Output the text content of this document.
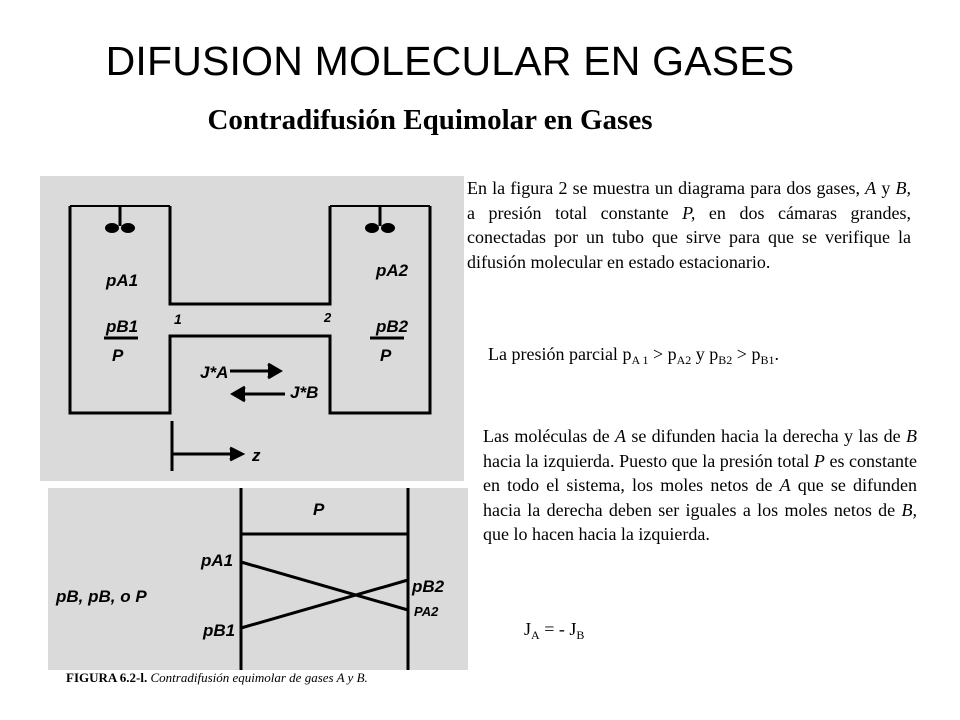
DIFUSION MOLECULAR EN GASES
Contradifusión Equimolar en Gases
pA1
pB1
P
pA2
pB2
P
1	2
J*A
J*B
z
P
pA1
pB1
pB2
PA2
pB, pB, o P
FIGURA 6.2-l. Contradifusión equimolar de gases A y B.
En la figura 2 se muestra un diagrama para dos gases, A y B, a presión total constante P, en dos cámaras grandes, conectadas por un tubo que sirve para que se verifique la difusión molecular en estado estacionario.
La presión parcial $p_{A 1} > p_{A2}$ y $p_{B2} > p_{B1}$.
Las moléculas de A se difunden hacia la derecha y las de B hacia la izquierda. Puesto que la presión total P es constante en todo el sistema, los moles netos de A que se difunden hacia la derecha deben ser iguales a los moles netos de B, que lo hacen hacia la izquierda.
$J_A$ = - $J_B$
